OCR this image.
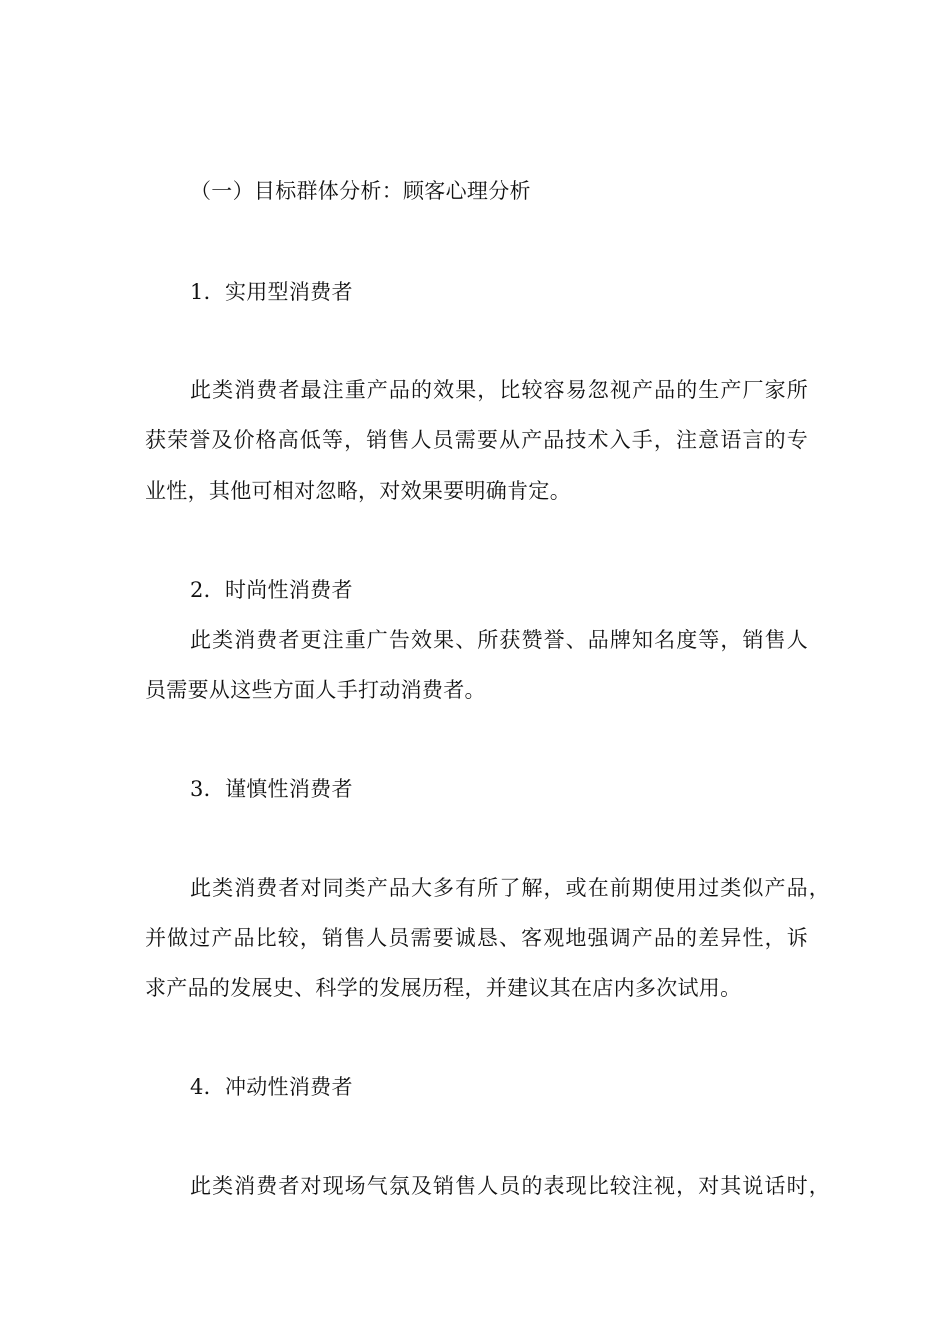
（一）目标群体分析：顾客心理分析
1．实用型消费者
此类消费者最注重产品的效果，比较容易忽视产品的生产厂家所
获荣誉及价格高低等，销售人员需要从产品技术入手，注意语言的专
业性，其他可相对忽略，对效果要明确肯定。
2．时尚性消费者
此类消费者更注重广告效果、所获赞誉、品牌知名度等，销售人
员需要从这些方面人手打动消费者。
3．谨慎性消费者
此类消费者对同类产品大多有所了解，或在前期使用过类似产品，
并做过产品比较，销售人员需要诚恳、客观地强调产品的差异性，诉
求产品的发展史、科学的发展历程，并建议其在店内多次试用。
4．冲动性消费者
此类消费者对现场气氛及销售人员的表现比较注视，对其说话时，
